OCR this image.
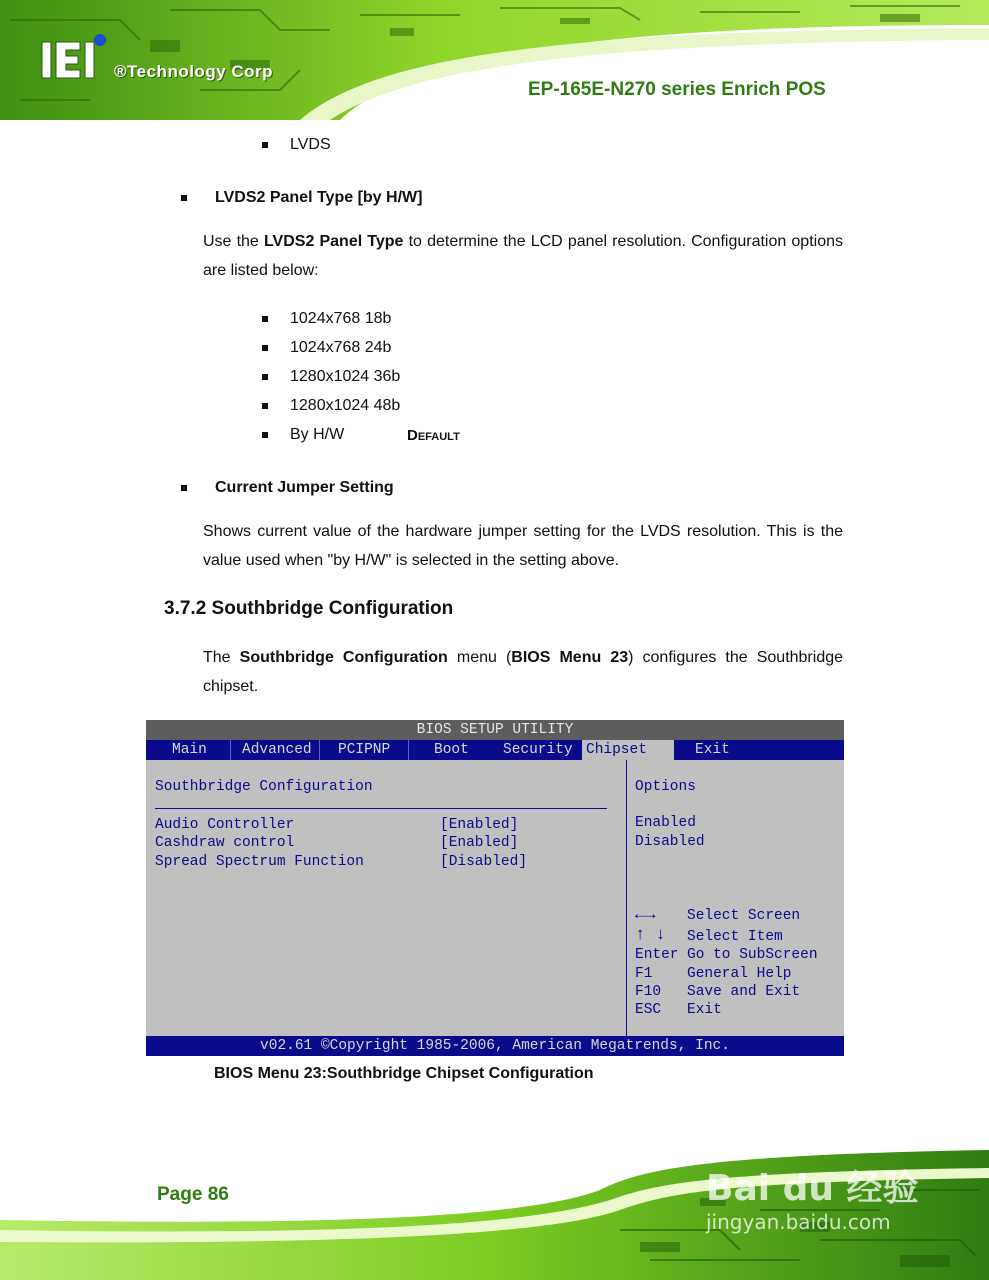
®Technology Corp
EP-165E-N270 series Enrich POS
LVDS
LVDS2 Panel Type [by H/W]
Use the LVDS2 Panel Type to determine the LCD panel resolution. Configuration options are listed below:
1024x768 18b
1024x768 24b
1280x1024 36b
1280x1024 48b
By H/W	Default
Current Jumper Setting
Shows current value of the hardware jumper setting for the LVDS resolution. This is the value used when "by H/W" is selected in the setting above.
3.7.2 Southbridge Configuration
The Southbridge Configuration menu (BIOS Menu 23) configures the Southbridge chipset.
BIOS SETUP UTILITY
Main Advanced PCIPNP	Boot Security Chipset	Exit
Southbridge Configuration
Audio Controller	[Enabled]
Cashdraw control	[Enabled]
Spread Spectrum Function	[Disabled]
Options
Enabled
Disabled
←→ Select Screen
↑ ↓ Select Item
Enter Go to SubScreen
F1 General Help
F10 Save and Exit
ESC Exit
v02.61 ©Copyright 1985-2006, American Megatrends, Inc.
BIOS Menu 23:Southbridge Chipset Configuration
Bai du 经验
jingyan.baidu.com
Page 86
